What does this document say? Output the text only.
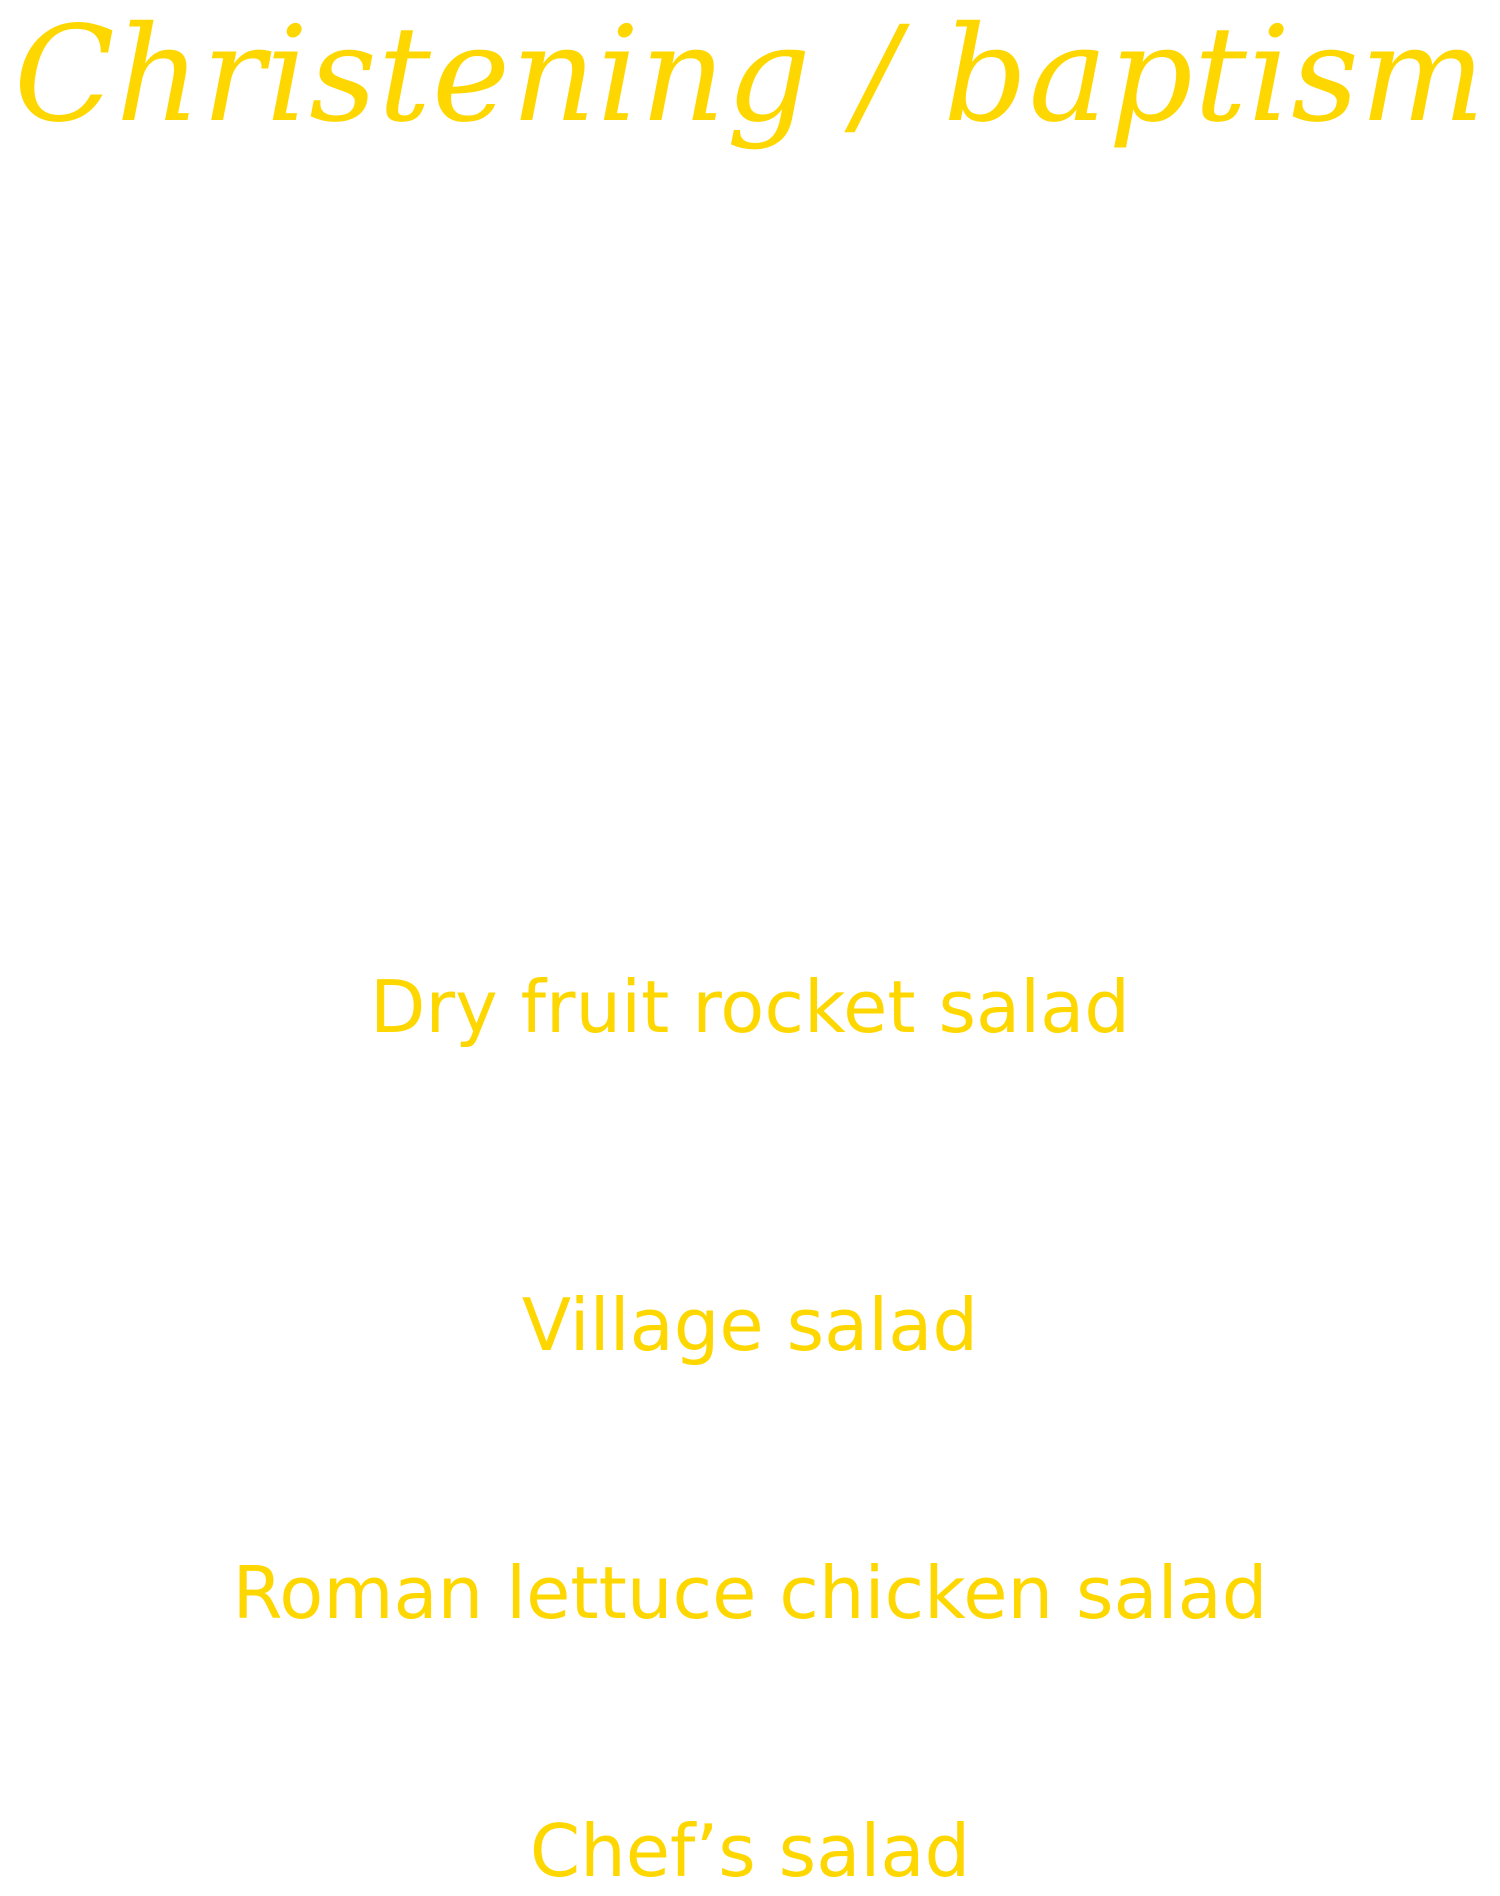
Christening / baptism
Dry fruit rocket salad
Village salad
Roman lettuce chicken salad
Chef’s salad
